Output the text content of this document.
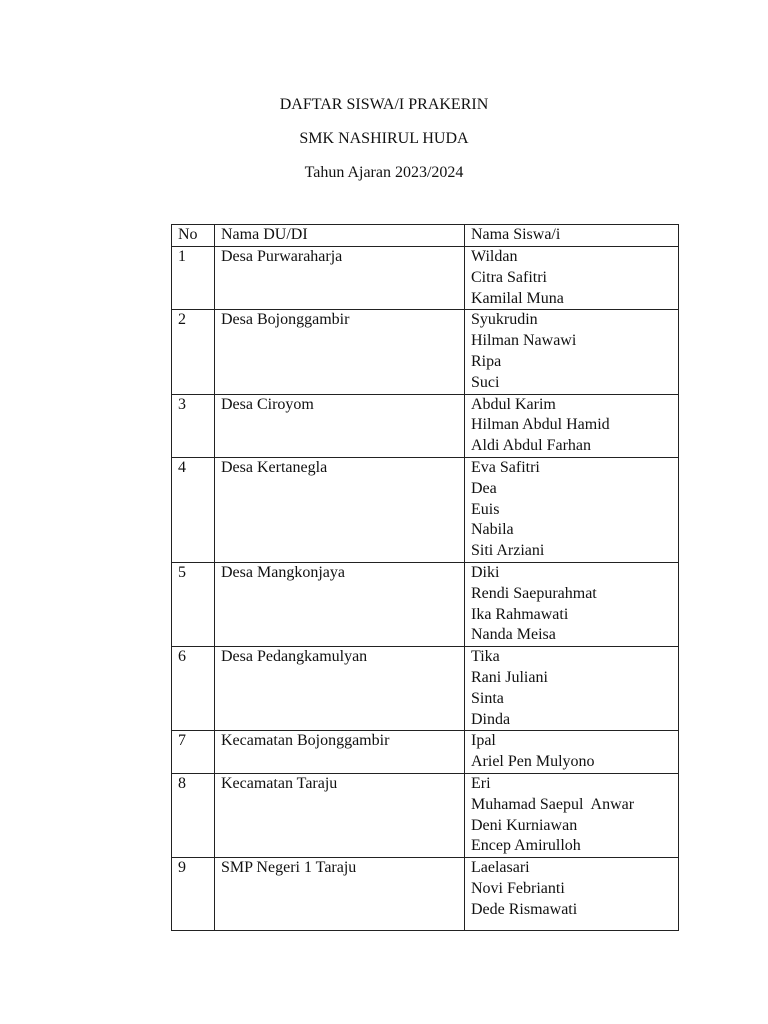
DAFTAR SISWA/I PRAKERIN
SMK NASHIRUL HUDA
Tahun Ajaran 2023/2024
No	Nama DU/DI	Nama Siswa/i
1	Desa Purwaraharja	Wildan
Citra Safitri
Kamilal Muna

2	Desa Bojonggambir	Syukrudin
Hilman Nawawi
Ripa
Suci

3	Desa Ciroyom	Abdul Karim
Hilman Abdul Hamid
Aldi Abdul Farhan

4	Desa Kertanegla	Eva Safitri
Dea
Euis
Nabila
Siti Arziani

5	Desa Mangkonjaya	Diki
Rendi Saepurahmat
Ika Rahmawati
Nanda Meisa

6	Desa Pedangkamulyan	Tika
Rani Juliani
Sinta
Dinda

7	Kecamatan Bojonggambir	Ipal
Ariel Pen Mulyono

8	Kecamatan Taraju	Eri
Muhamad Saepul  Anwar
Deni Kurniawan
Encep Amirulloh

9	SMP Negeri 1 Taraju	Laelasari
Novi Febrianti
Dede Rismawati
